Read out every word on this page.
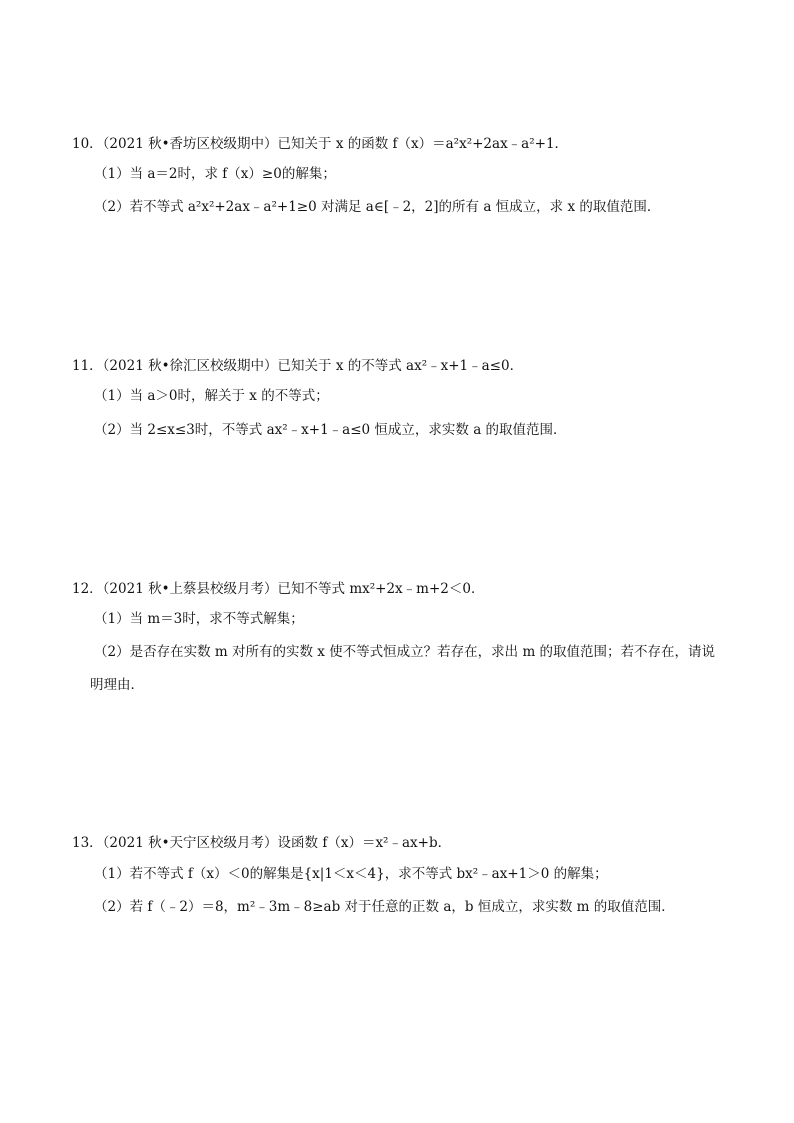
10．（2021 秋•香坊区校级期中）已知关于 x 的函数 f（x）＝a²x²+2ax﹣a²+1．
（1）当 a＝2时，求 f（x）≥0的解集；
（2）若不等式 a²x²+2ax﹣a²+1≥0 对满足 a∈[﹣2，2]的所有 a 恒成立，求 x 的取值范围．
11．（2021 秋•徐汇区校级期中）已知关于 x 的不等式 ax²﹣x+1﹣a≤0．
（1）当 a＞0时，解关于 x 的不等式；
（2）当 2≤x≤3时，不等式 ax²﹣x+1﹣a≤0 恒成立，求实数 a 的取值范围．
12．（2021 秋•上蔡县校级月考）已知不等式 mx²+2x﹣m+2＜0．
（1）当 m＝3时，求不等式解集；
（2）是否存在实数 m 对所有的实数 x 使不等式恒成立？若存在，求出 m 的取值范围；若不存在，请说
明理由．
13．（2021 秋•天宁区校级月考）设函数 f（x）＝x²﹣ax+b．
（1）若不等式 f（x）＜0的解集是{x|1＜x＜4}，求不等式 bx²﹣ax+1＞0 的解集；
（2）若 f（﹣2）＝8，m²﹣3m﹣8≥ab 对于任意的正数 a，b 恒成立，求实数 m 的取值范围．
